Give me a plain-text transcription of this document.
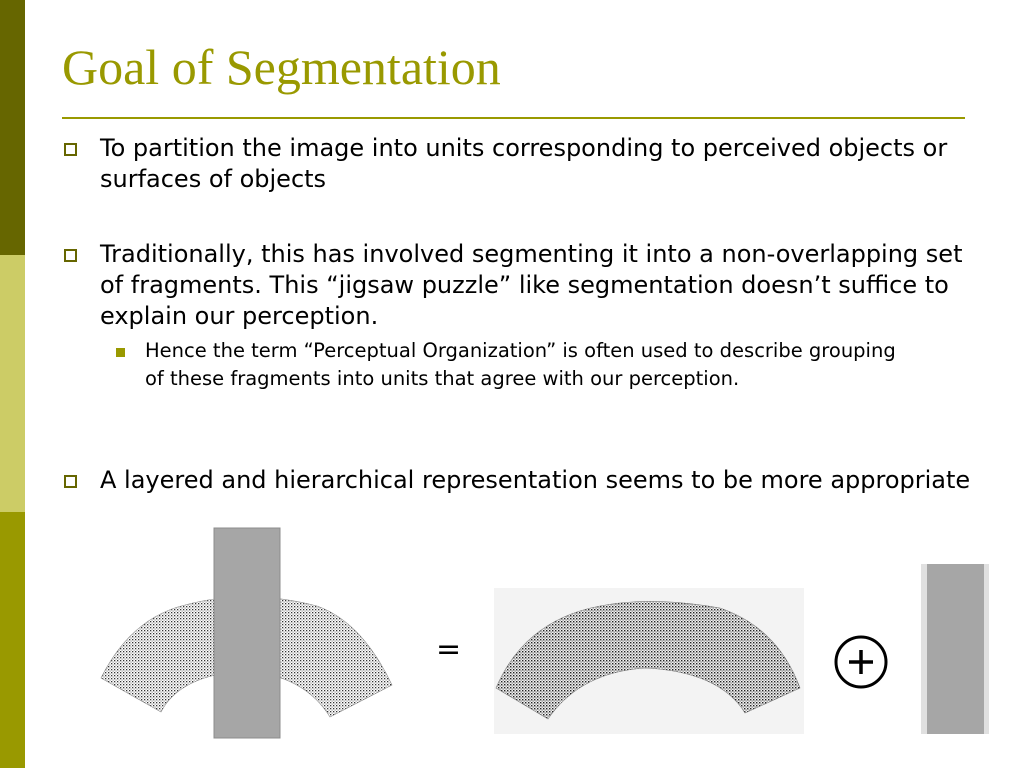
Goal of Segmentation

To partition the image into units corresponding to perceived objects or surfaces of objects

Traditionally, this has involved segmenting it into a non-overlapping set of fragments. This “jigsaw puzzle” like segmentation doesn’t suffice to explain our perception.

Hence the term “Perceptual Organization” is often used to describe grouping of these fragments into units that agree with our perception.

A layered and hierarchical representation seems to be more appropriate

=
